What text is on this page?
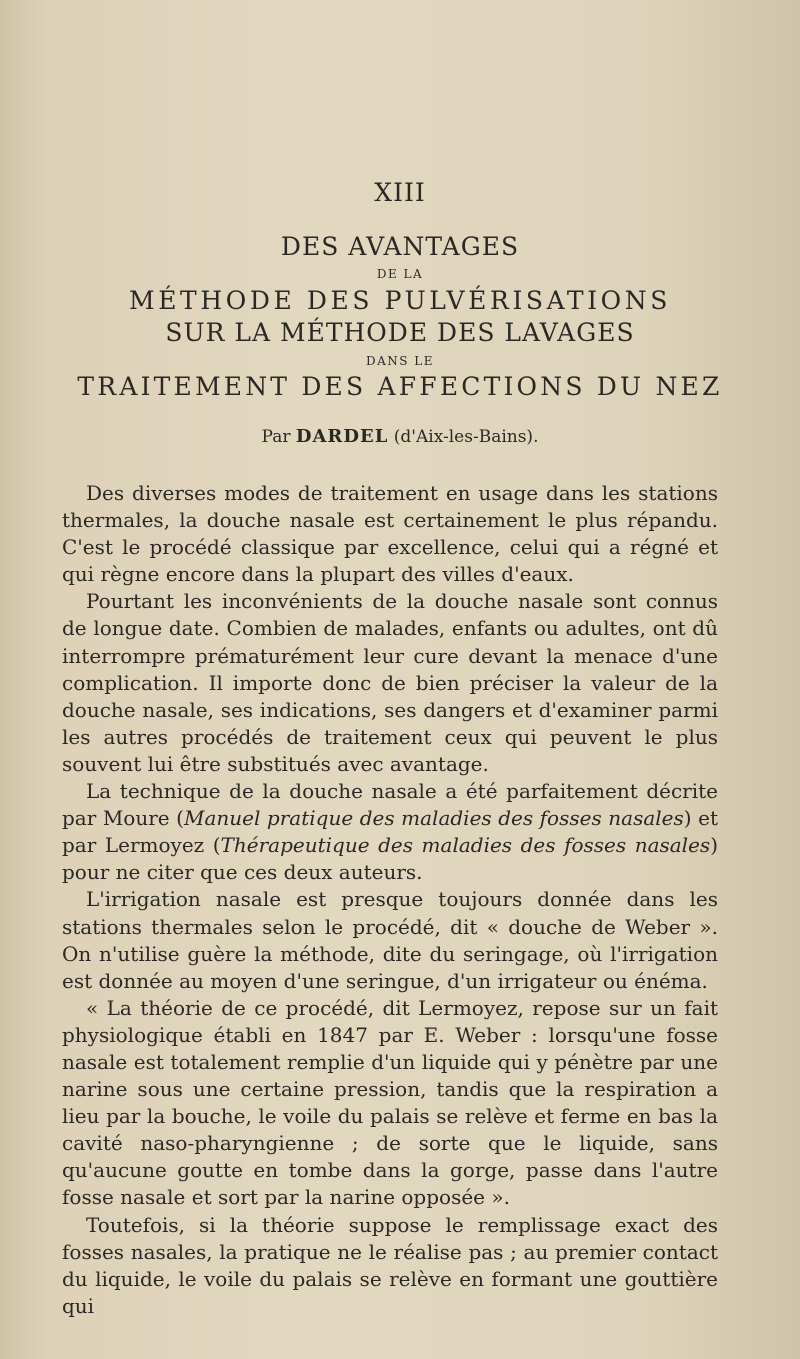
XIII
DES AVANTAGES
DE LA
MÉTHODE DES PULVÉRISATIONS
SUR LA MÉTHODE DES LAVAGES
DANS LE
TRAITEMENT DES AFFECTIONS DU NEZ
Par DARDEL (d'Aix-les-Bains).

Des diverses modes de traitement en usage dans les stations thermales, la douche nasale est certainement le plus répandu. C'est le procédé classique par excellence, celui qui a régné et qui règne encore dans la plupart des villes d'eaux.

Pourtant les inconvénients de la douche nasale sont connus de longue date. Combien de malades, enfants ou adultes, ont dû interrompre prématurément leur cure devant la menace d'une complication. Il importe donc de bien préciser la valeur de la douche nasale, ses indications, ses dangers et d'examiner parmi les autres procédés de traitement ceux qui peuvent le plus souvent lui être substitués avec avantage.

La technique de la douche nasale a été parfaitement décrite par Moure (Manuel pratique des maladies des fosses nasales) et par Lermoyez (Thérapeutique des maladies des fosses nasales) pour ne citer que ces deux auteurs.

L'irrigation nasale est presque toujours donnée dans les stations thermales selon le procédé, dit « douche de Weber ». On n'utilise guère la méthode, dite du seringage, où l'irrigation est donnée au moyen d'une seringue, d'un irrigateur ou énéma.

« La théorie de ce procédé, dit Lermoyez, repose sur un fait physiologique établi en 1847 par E. Weber : lorsqu'une fosse nasale est totalement remplie d'un liquide qui y pénètre par une narine sous une certaine pression, tandis que la respiration a lieu par la bouche, le voile du palais se relève et ferme en bas la cavité naso-pharyngienne ; de sorte que le liquide, sans qu'aucune goutte en tombe dans la gorge, passe dans l'autre fosse nasale et sort par la narine opposée ».

Toutefois, si la théorie suppose le remplissage exact des fosses nasales, la pratique ne le réalise pas ; au premier contact du liquide, le voile du palais se relève en formant une gouttière qui
